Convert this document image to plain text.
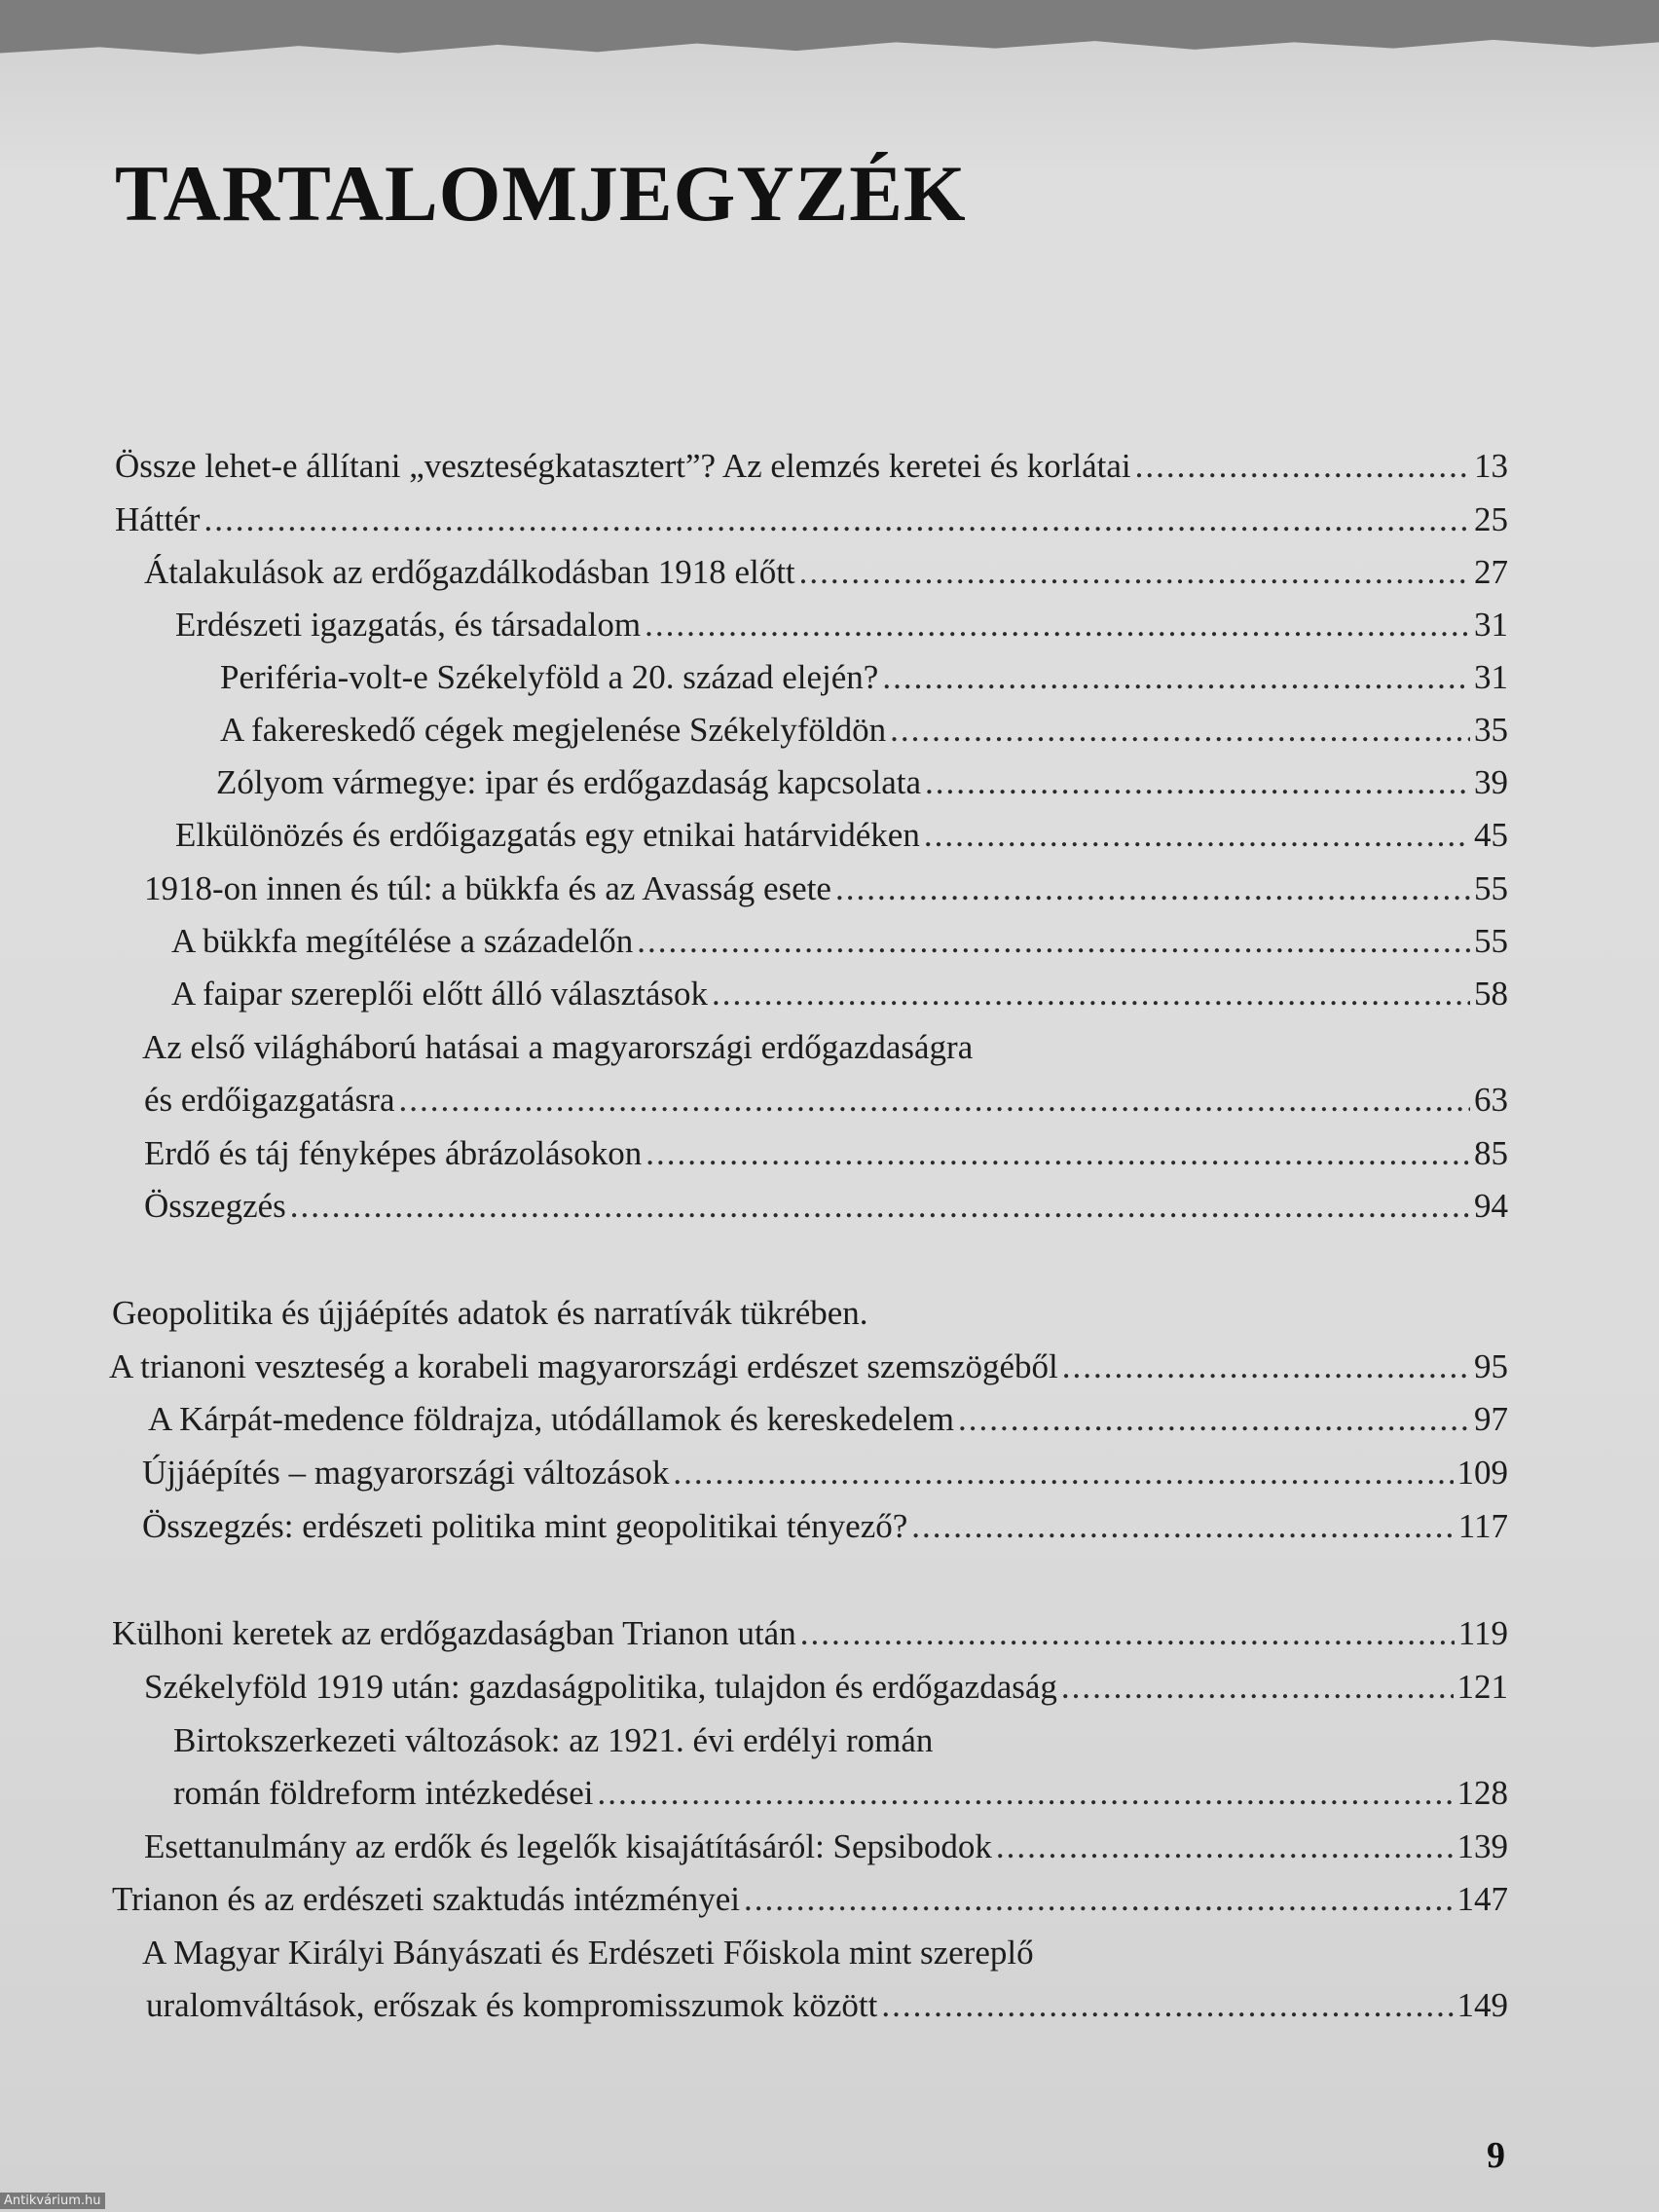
TARTALOMJEGYZÉK
Össze lehet-e állítani „veszteségkatasztert”? Az elemzés keretei és korlátai .....	13
Háttér .....	25
Átalakulások az erdőgazdálkodásban 1918 előtt .....	27
Erdészeti igazgatás, és társadalom .....	31
Periféria-volt-e Székelyföld a 20. század elején? .....	31
A fakereskedő cégek megjelenése Székelyföldön .....	35
Zólyom vármegye: ipar és erdőgazdaság kapcsolata .....	39
Elkülönözés és erdőigazgatás egy etnikai határvidéken .....	45
1918-on innen és túl: a bükkfa és az Avasság esete .....	55
A bükkfa megítélése a századelőn .....	55
A faipar szereplői előtt álló választások .....	58
Az első világháború hatásai a magyarországi erdőgazdaságra
és erdőigazgatásra .....	63
Erdő és táj fényképes ábrázolásokon .....	85
Összegzés .....	94
Geopolitika és újjáépítés adatok és narratívák tükrében.
A trianoni veszteség a korabeli magyarországi erdészet szemszögéből .....	95
A Kárpát-medence földrajza, utódállamok és kereskedelem .....	97
Újjáépítés – magyarországi változások .....	109
Összegzés: erdészeti politika mint geopolitikai tényező? .....	117
Külhoni keretek az erdőgazdaságban Trianon után .....	119
Székelyföld 1919 után: gazdaságpolitika, tulajdon és erdőgazdaság .....	121
Birtokszerkezeti változások: az 1921. évi erdélyi román
román földreform intézkedései .....	128
Esettanulmány az erdők és legelők kisajátításáról: Sepsibodok .....	139
Trianon és az erdészeti szaktudás intézményei .....	147
A Magyar Királyi Bányászati és Erdészeti Főiskola mint szereplő
uralomváltások, erőszak és kompromisszumok között .....	149
9
Antikvárium.hu
